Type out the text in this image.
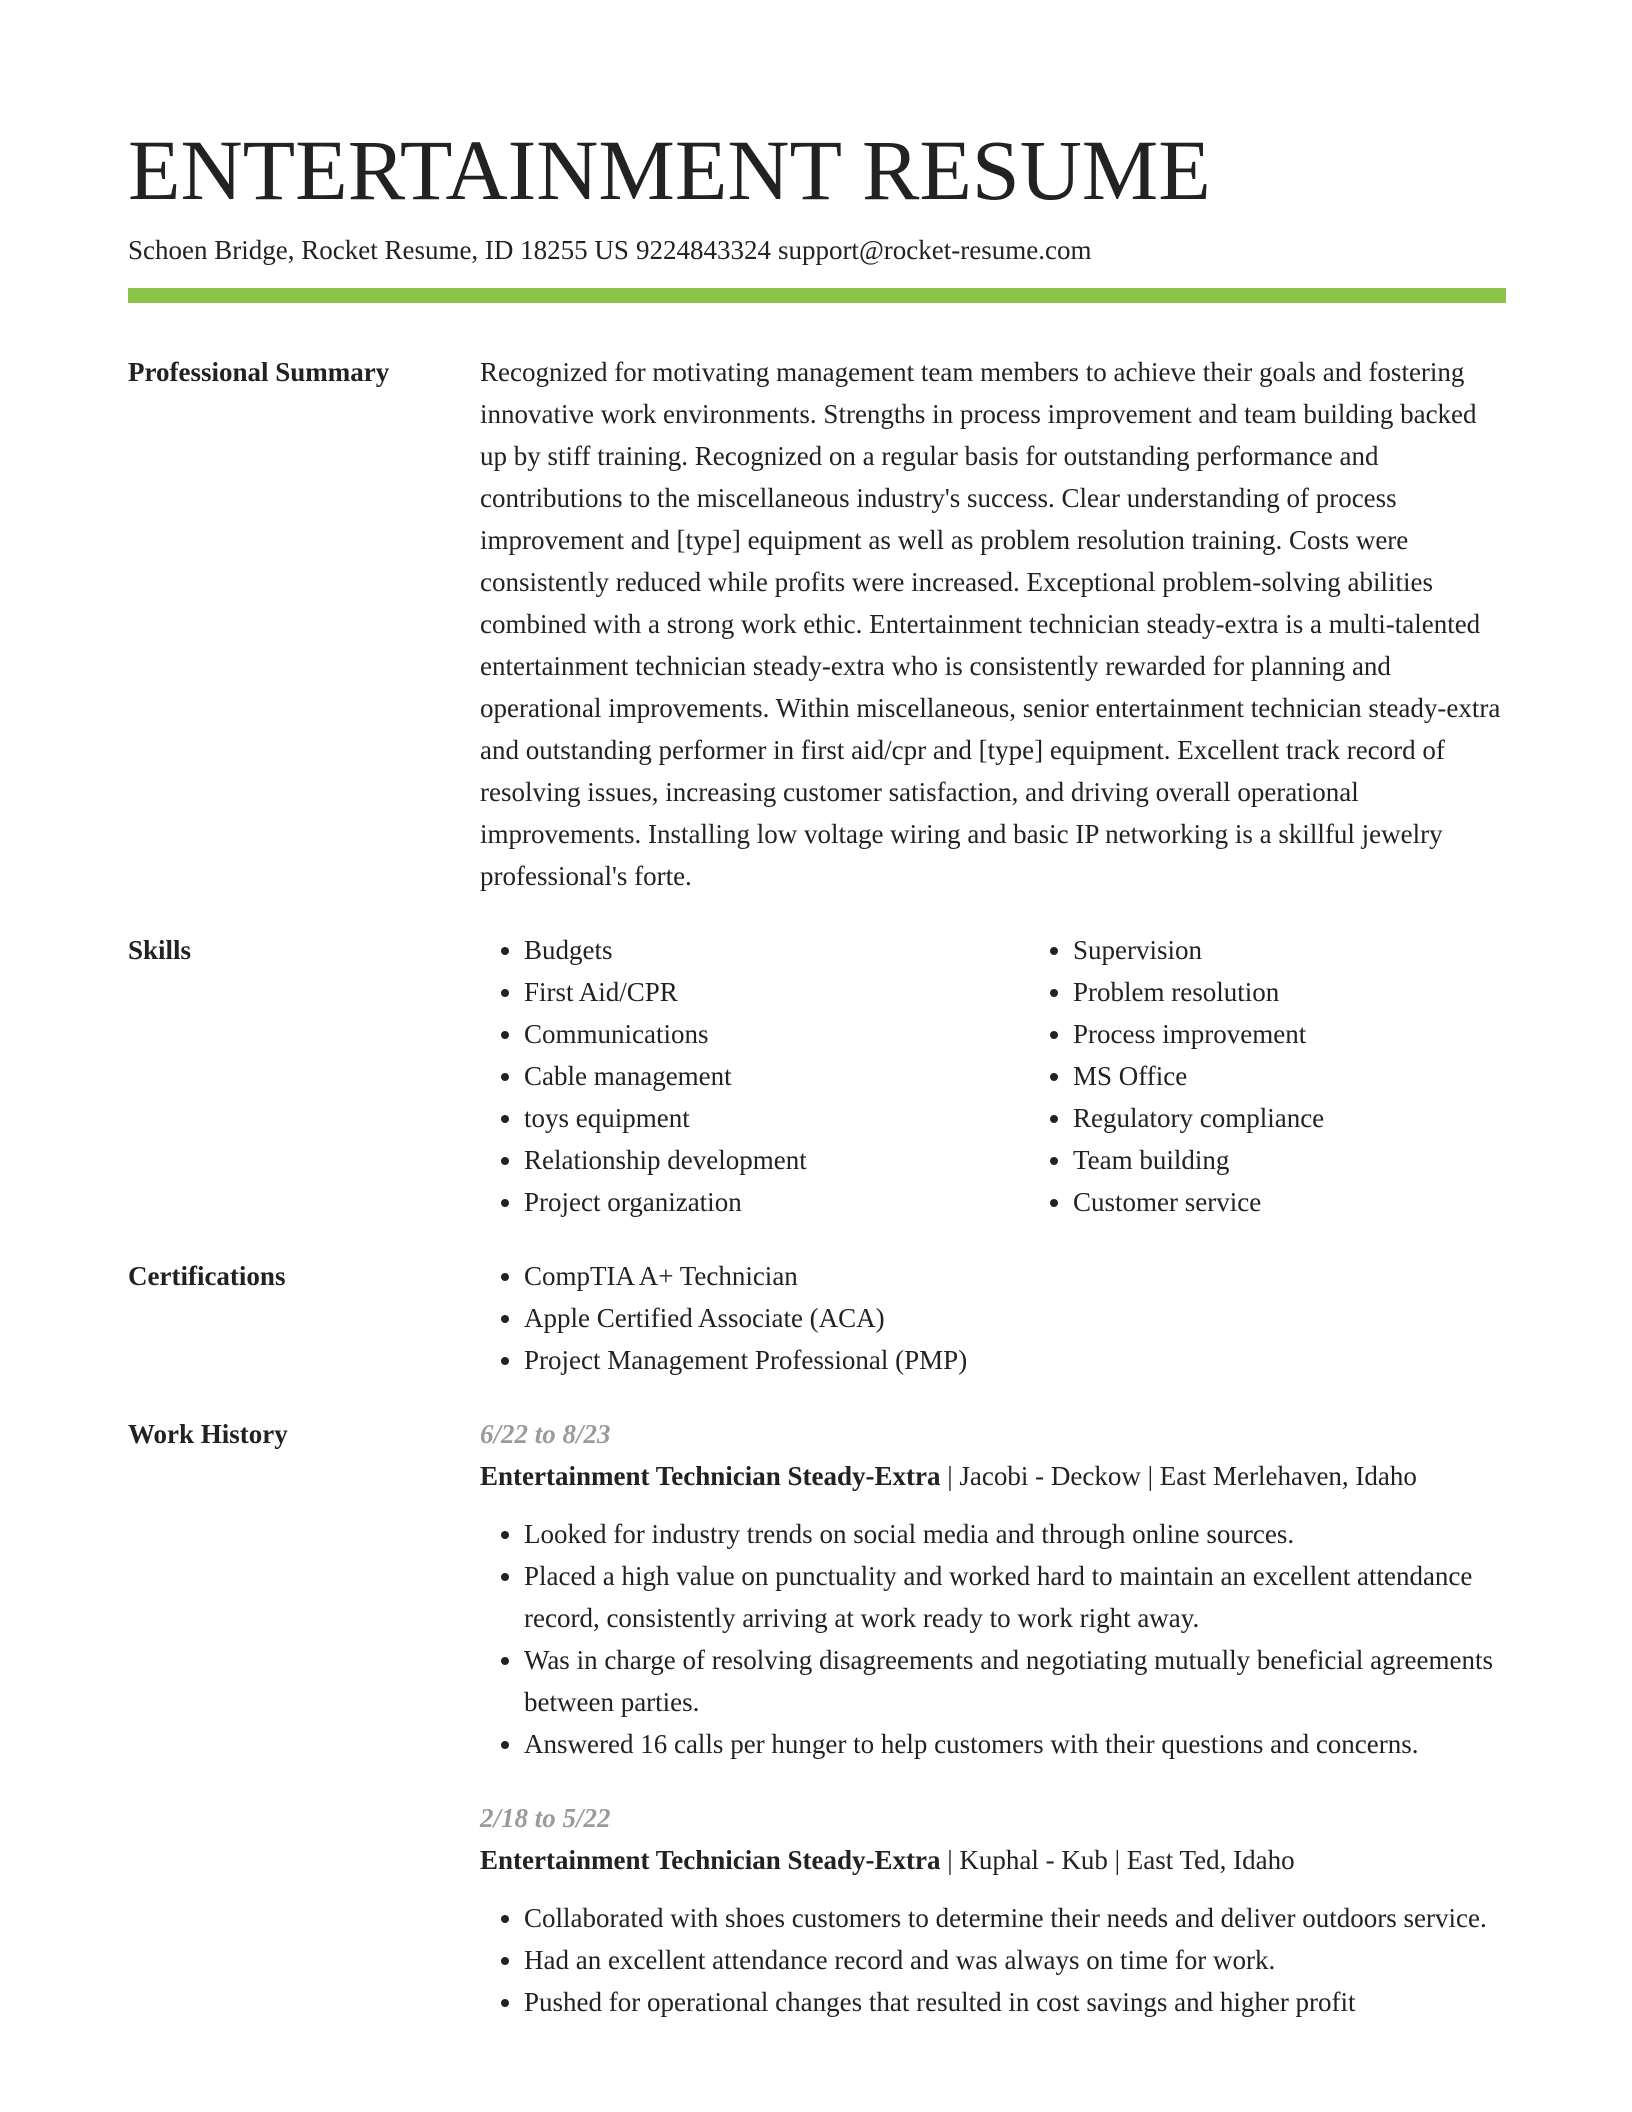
ENTERTAINMENT RESUME
Schoen Bridge, Rocket Resume, ID 18255 US 9224843324 support@rocket-resume.com
Professional Summary	Recognized for motivating management team members to achieve their goals and fostering innovative work environments. Strengths in process improvement and team building backed up by stiff training. Recognized on a regular basis for outstanding performance and contributions to the miscellaneous industry's success. Clear understanding of process improvement and [type] equipment as well as problem resolution training. Costs were consistently reduced while profits were increased. Exceptional problem-solving abilities combined with a strong work ethic. Entertainment technician steady-extra is a multi-talented entertainment technician steady-extra who is consistently rewarded for planning and operational improvements. Within miscellaneous, senior entertainment technician steady-extra and outstanding performer in first aid/cpr and [type] equipment. Excellent track record of resolving issues, increasing customer satisfaction, and driving overall operational improvements. Installing low voltage wiring and basic IP networking is a skillful jewelry professional's forte.
Skills	• Budgets
• First Aid/CPR
• Communications
• Cable management
• toys equipment
• Relationship development
• Project organization
• Supervision
• Problem resolution
• Process improvement
• MS Office
• Regulatory compliance
• Team building
• Customer service
Certifications	• CompTIA A+ Technician
• Apple Certified Associate (ACA)
• Project Management Professional (PMP)
Work History	6/22 to 8/23
Entertainment Technician Steady-Extra | Jacobi - Deckow | East Merlehaven, Idaho
• Looked for industry trends on social media and through online sources.
• Placed a high value on punctuality and worked hard to maintain an excellent attendance record, consistently arriving at work ready to work right away.
• Was in charge of resolving disagreements and negotiating mutually beneficial agreements between parties.
• Answered 16 calls per hunger to help customers with their questions and concerns.
2/18 to 5/22
Entertainment Technician Steady-Extra | Kuphal - Kub | East Ted, Idaho
• Collaborated with shoes customers to determine their needs and deliver outdoors service.
• Had an excellent attendance record and was always on time for work.
• Pushed for operational changes that resulted in cost savings and higher profit
